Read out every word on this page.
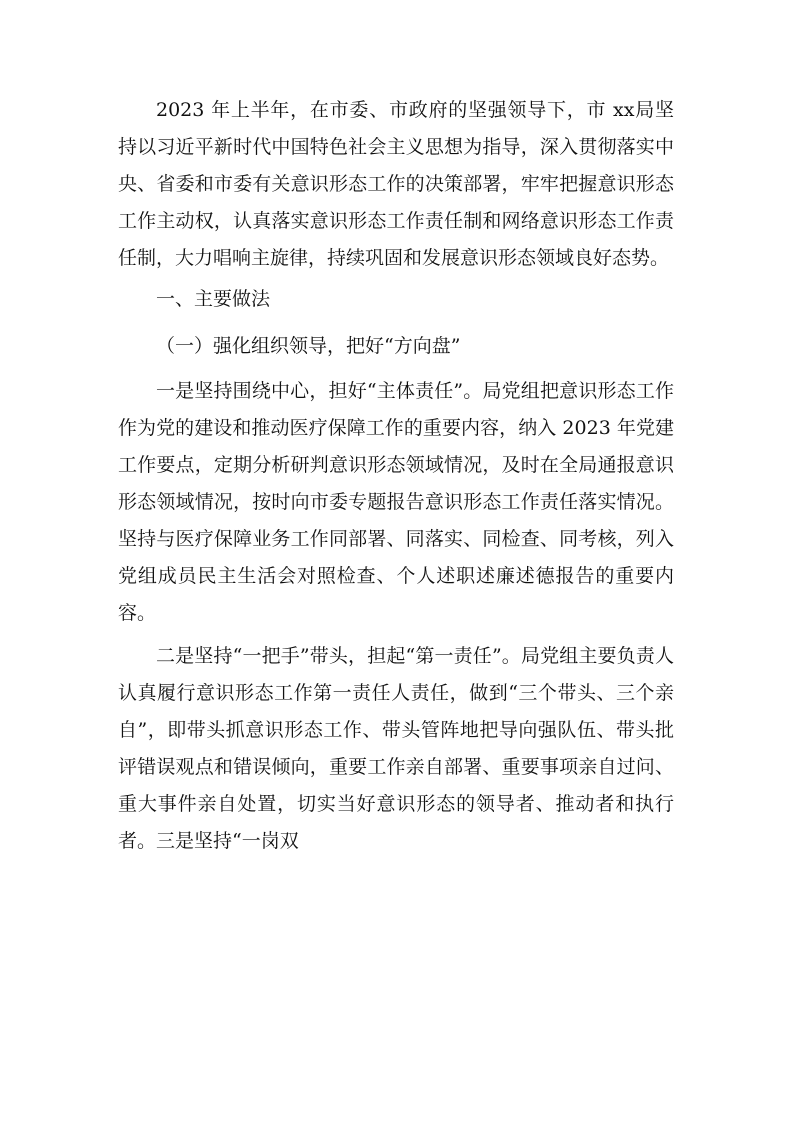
2023 年上半年，在市委、市政府的坚强领导下，市 xx局坚持以习近平新时代中国特色社会主义思想为指导，深入贯彻落实中央、省委和市委有关意识形态工作的决策部署，牢牢把握意识形态工作主动权，认真落实意识形态工作责任制和网络意识形态工作责任制，大力唱响主旋律，持续巩固和发展意识形态领域良好态势。

一、主要做法

（一）强化组织领导，把好“方向盘”

一是坚持围绕中心，担好“主体责任”。局党组把意识形态工作作为党的建设和推动医疗保障工作的重要内容，纳入 2023 年党建工作要点，定期分析研判意识形态领域情况，及时在全局通报意识形态领域情况，按时向市委专题报告意识形态工作责任落实情况。坚持与医疗保障业务工作同部署、同落实、同检查、同考核，列入党组成员民主生活会对照检查、个人述职述廉述德报告的重要内容。

二是坚持“一把手”带头，担起“第一责任”。局党组主要负责人认真履行意识形态工作第一责任人责任，做到“三个带头、三个亲自”，即带头抓意识形态工作、带头管阵地把导向强队伍、带头批评错误观点和错误倾向，重要工作亲自部署、重要事项亲自过问、重大事件亲自处置，切实当好意识形态的领导者、推动者和执行者。三是坚持“一岗双
